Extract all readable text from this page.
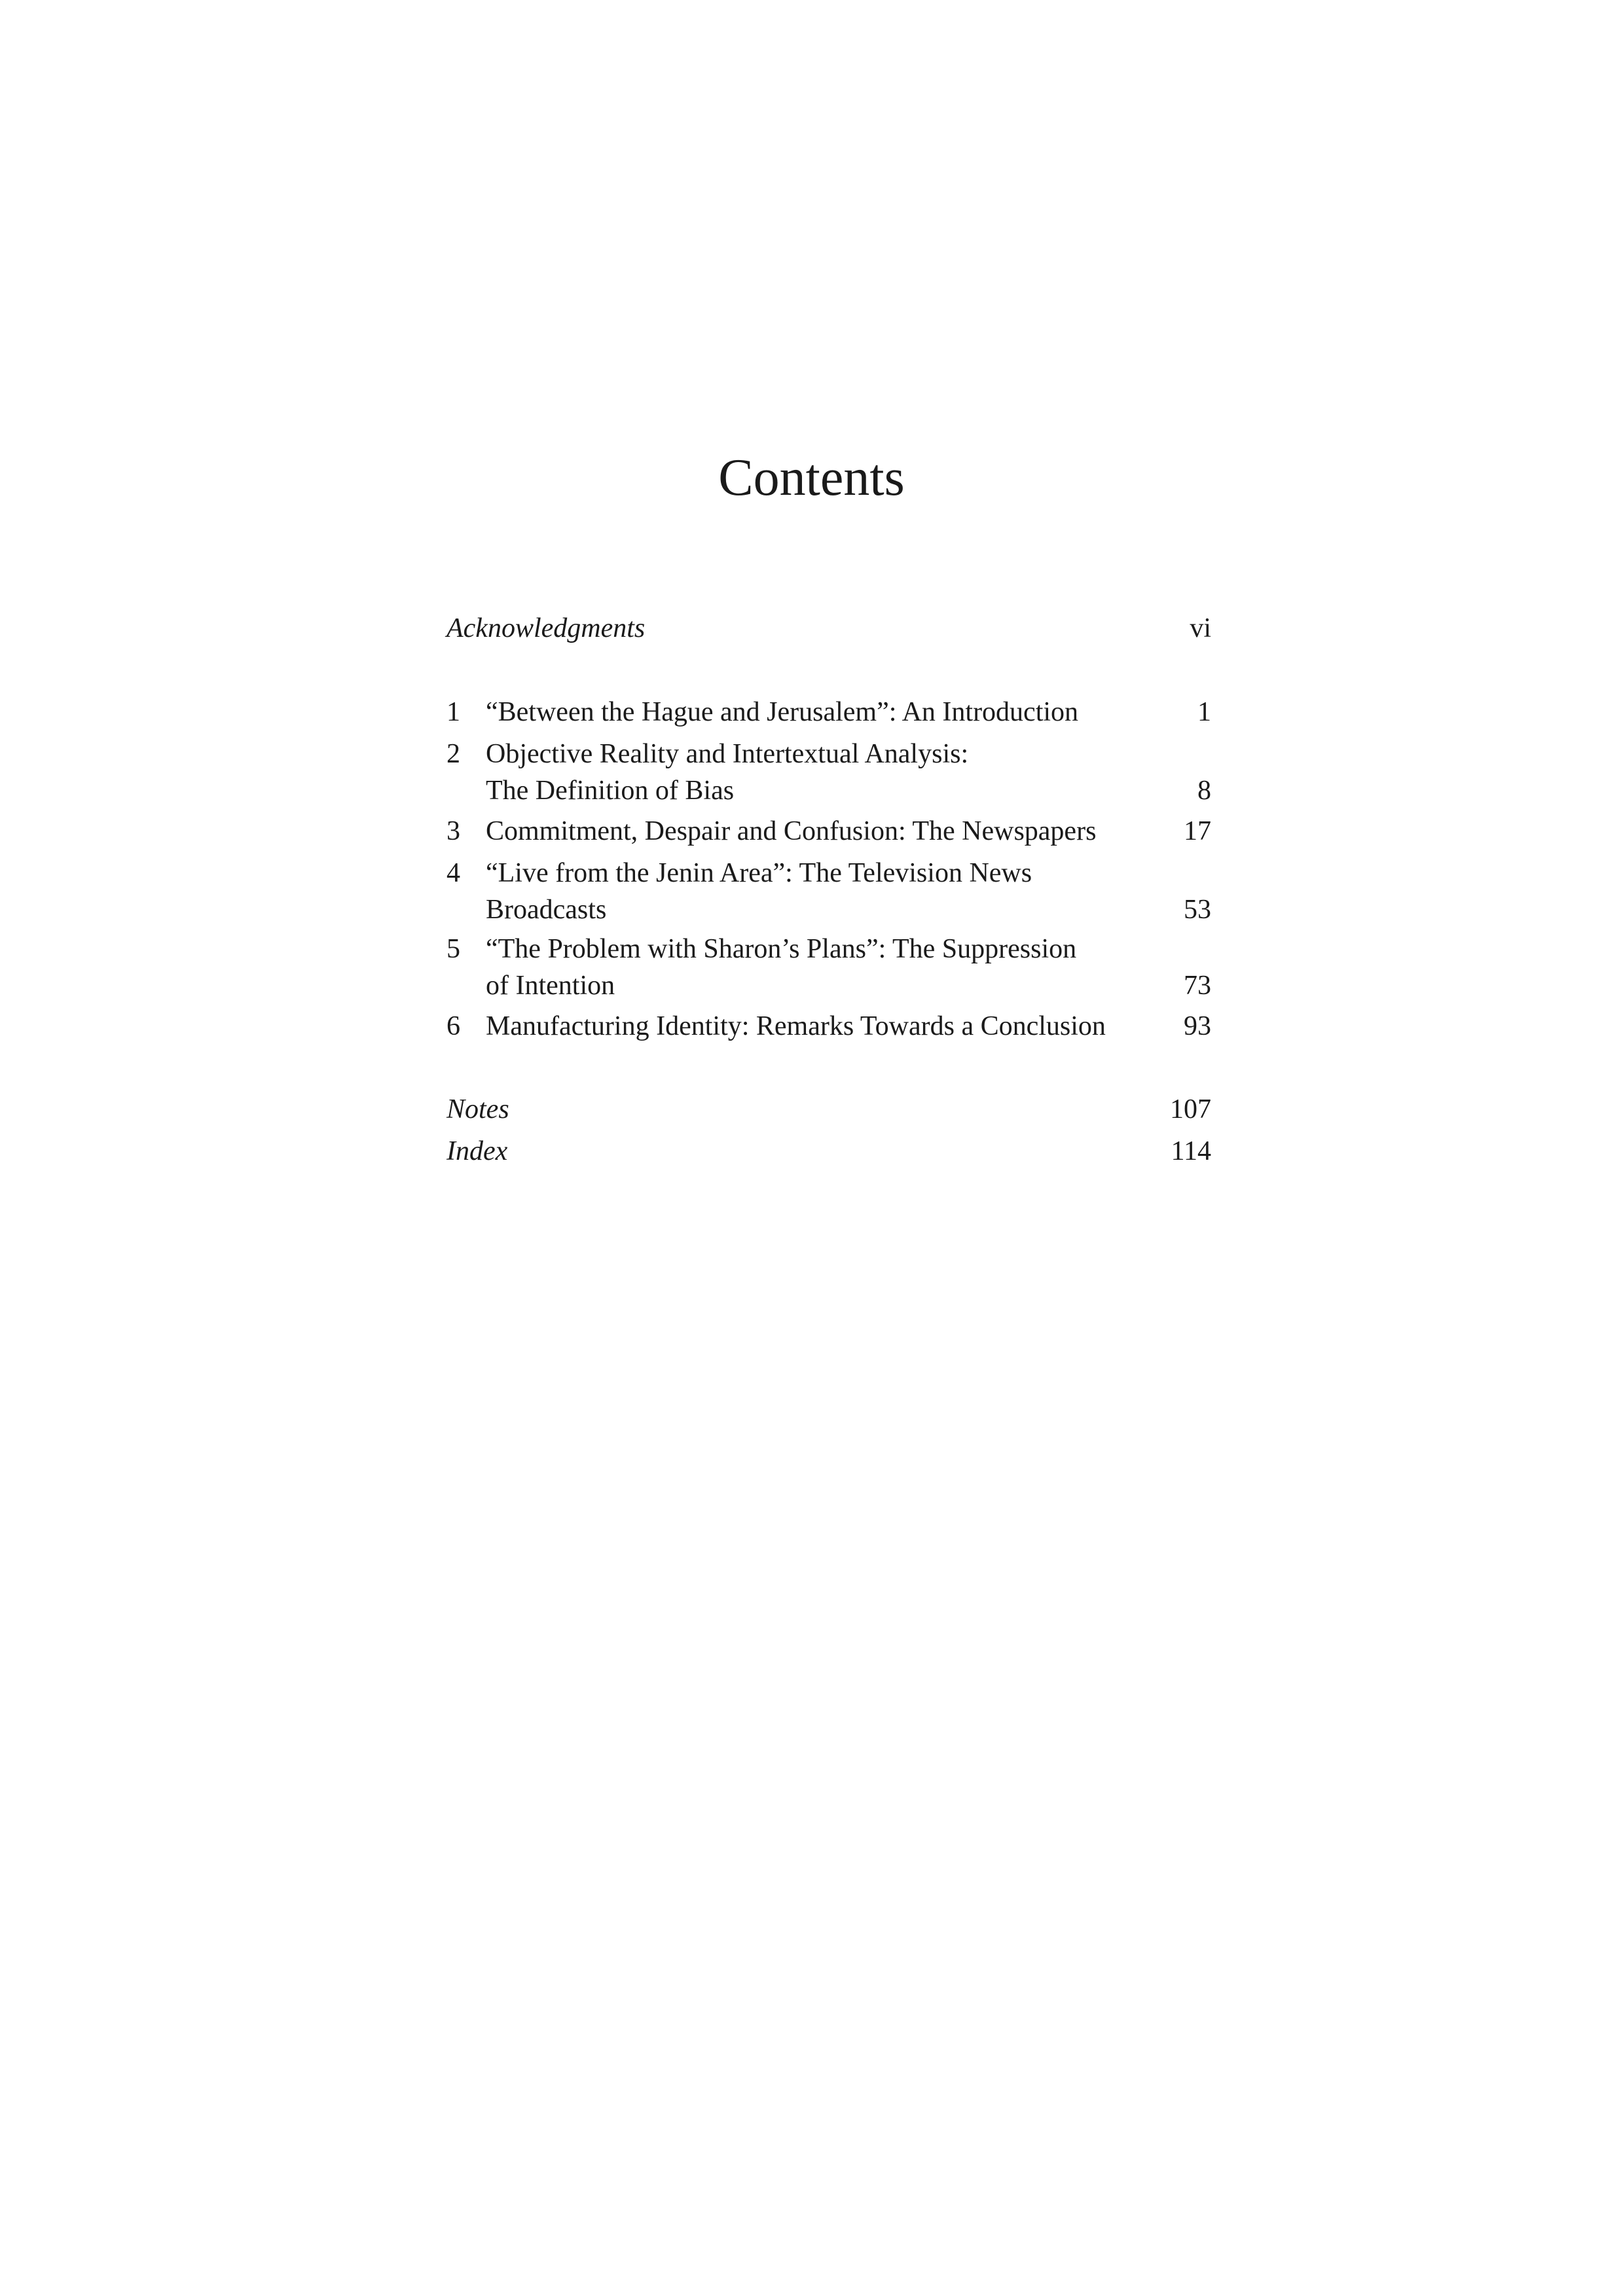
Contents
Acknowledgments	vi
1 “Between the Hague and Jerusalem”: An Introduction	1
2 Objective Reality and Intertextual Analysis:
The Definition of Bias	8
3 Commitment, Despair and Confusion: The Newspapers	17
4 “Live from the Jenin Area”: The Television News
Broadcasts	53
5 “The Problem with Sharon’s Plans”: The Suppression
of Intention	73
6 Manufacturing Identity: Remarks Towards a Conclusion	93
Notes	107
Index	114
